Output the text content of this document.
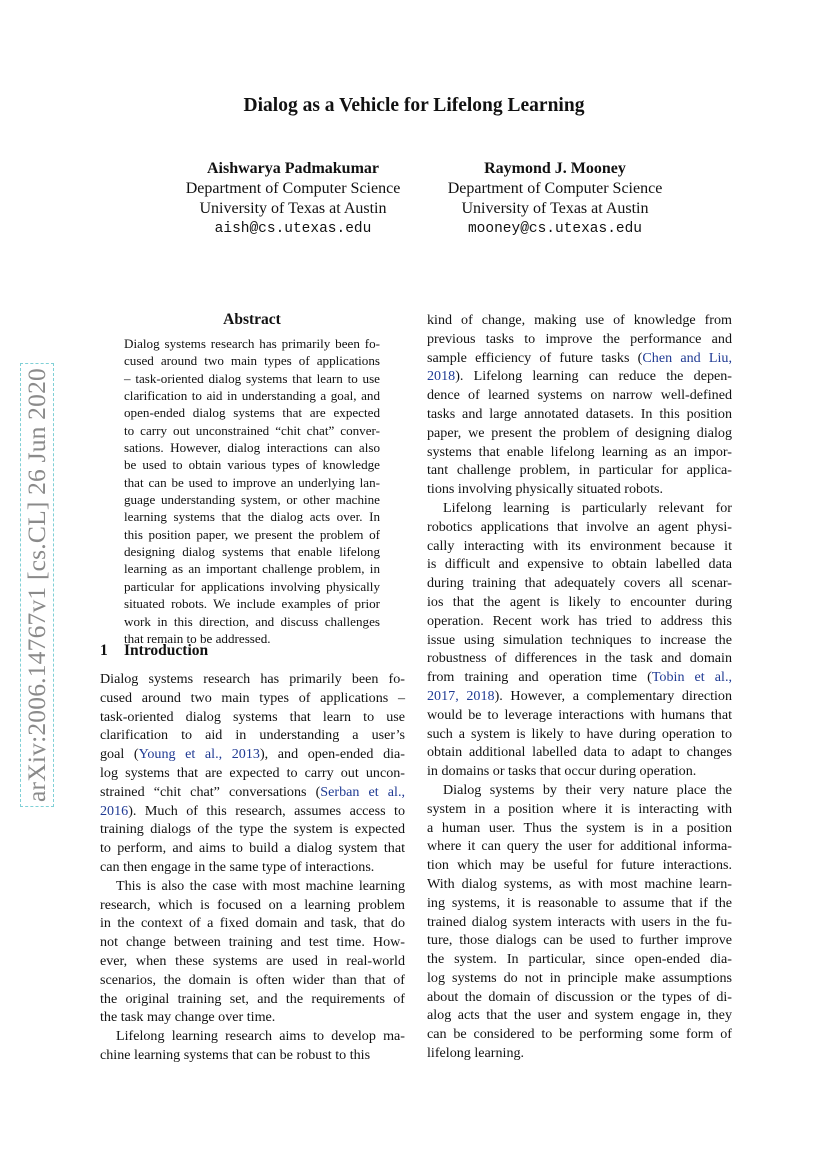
arXiv:2006.14767v1 [cs.CL] 26 Jun 2020
Dialog as a Vehicle for Lifelong Learning
Aishwarya Padmakumar
Department of Computer Science
University of Texas at Austin
aish@cs.utexas.edu
Raymond J. Mooney
Department of Computer Science
University of Texas at Austin
mooney@cs.utexas.edu
Abstract
Dialog systems research has primarily been fo-
cused around two main types of applications
– task-oriented dialog systems that learn to use
clarification to aid in understanding a goal, and
open-ended dialog systems that are expected
to carry out unconstrained “chit chat” conver-
sations. However, dialog interactions can also
be used to obtain various types of knowledge
that can be used to improve an underlying lan-
guage understanding system, or other machine
learning systems that the dialog acts over. In
this position paper, we present the problem of
designing dialog systems that enable lifelong
learning as an important challenge problem, in
particular for applications involving physically
situated robots. We include examples of prior
work in this direction, and discuss challenges
that remain to be addressed.
1 Introduction
Dialog systems research has primarily been fo-
cused around two main types of applications –
task-oriented dialog systems that learn to use
clarification to aid in understanding a user’s
goal (Young et al., 2013), and open-ended dia-
log systems that are expected to carry out uncon-
strained “chit chat” conversations (Serban et al.,
2016). Much of this research, assumes access to
training dialogs of the type the system is expected
to perform, and aims to build a dialog system that
can then engage in the same type of interactions.
This is also the case with most machine learning
research, which is focused on a learning problem
in the context of a fixed domain and task, that do
not change between training and test time. How-
ever, when these systems are used in real-world
scenarios, the domain is often wider than that of
the original training set, and the requirements of
the task may change over time.
Lifelong learning research aims to develop ma-
chine learning systems that can be robust to this
kind of change, making use of knowledge from
previous tasks to improve the performance and
sample efficiency of future tasks (Chen and Liu,
2018). Lifelong learning can reduce the depen-
dence of learned systems on narrow well-defined
tasks and large annotated datasets. In this position
paper, we present the problem of designing dialog
systems that enable lifelong learning as an impor-
tant challenge problem, in particular for applica-
tions involving physically situated robots.
Lifelong learning is particularly relevant for
robotics applications that involve an agent physi-
cally interacting with its environment because it
is difficult and expensive to obtain labelled data
during training that adequately covers all scenar-
ios that the agent is likely to encounter during
operation. Recent work has tried to address this
issue using simulation techniques to increase the
robustness of differences in the task and domain
from training and operation time (Tobin et al.,
2017, 2018). However, a complementary direction
would be to leverage interactions with humans that
such a system is likely to have during operation to
obtain additional labelled data to adapt to changes
in domains or tasks that occur during operation.
Dialog systems by their very nature place the
system in a position where it is interacting with
a human user. Thus the system is in a position
where it can query the user for additional informa-
tion which may be useful for future interactions.
With dialog systems, as with most machine learn-
ing systems, it is reasonable to assume that if the
trained dialog system interacts with users in the fu-
ture, those dialogs can be used to further improve
the system. In particular, since open-ended dia-
log systems do not in principle make assumptions
about the domain of discussion or the types of di-
alog acts that the user and system engage in, they
can be considered to be performing some form of
lifelong learning.
